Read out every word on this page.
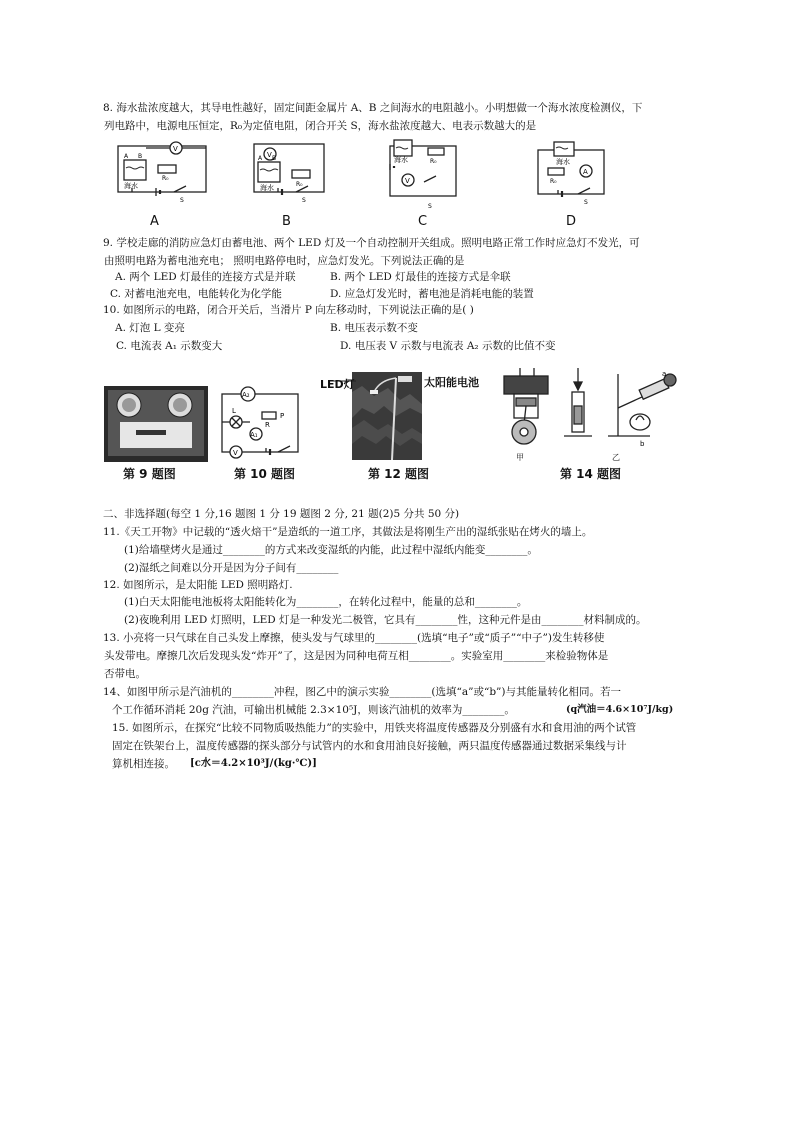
8. 海水盐浓度越大，其导电性越好，固定间距金属片 A、B 之间海水的电阻越小。小明想做一个海水浓度检测仪，下
列电路中，电源电压恒定，R₀为定值电阻，闭合开关 S，海水盐浓度越大、电表示数越大的是
V
A B
海水
R₀
S
A
V
A B
海水	R₀
S
B
V
海水	R₀
S
C
A
海水
R₀
S
D
9. 学校走廊的消防应急灯由蓄电池、两个 LED 灯及一个自动控制开关组成。照明电路正常工作时应急灯不发光，可
由照明电路为蓄电池充电； 照明电路停电时，应急灯发光。下列说法正确的是
A. 两个 LED 灯最佳的连接方式是并联	B. 两个 LED 灯最佳的连接方式是伞联
C. 对蓄电池充电，电能转化为化学能	D. 应急灯发光时，蓄电池是消耗电能的装置
10. 如图所示的电路，闭合开关后，当滑片 P 向左移动时，下列说法正确的是( )
A. 灯泡 L 变亮	B. 电压表示数不变
C. 电流表 A₁ 示数变大	D. 电压表 V 示数与电流表 A₂ 示数的比值不变
第 9 题图
A₂
L
A₁
R
P
V
第 10 题图
LED灯	太阳能电池
第 12 题图
a
b
甲	乙
第 14 题图
二、非选择题(每空 1 分,16 题图 1 分 19 题图 2 分, 21 题(2)5 分共 50 分)
11.《天工开物》中记载的“透火焙干”是造纸的一道工序，其做法是将刚生产出的湿纸张贴在烤火的墙上。
(1)给墙壁烤火是通过________的方式来改变湿纸的内能，此过程中湿纸内能变________。
(2)湿纸之间难以分开是因为分子间有________
12. 如图所示，是太阳能 LED 照明路灯.
(1)白天太阳能电池板将太阳能转化为________，在转化过程中，能量的总和________。
(2)夜晚利用 LED 灯照明，LED 灯是一种发光二极管，它具有________性，这种元件是由________材料制成的。
13. 小亮将一只气球在自己头发上摩擦，使头发与气球里的________(选填“电子”或“质子”“中子”)发生转移使
头发带电。摩擦几次后发现头发“炸开”了，这是因为同种电荷互相________。实验室用________来检验物体是
否带电。
14、如图甲所示是汽油机的________冲程，图乙中的演示实验________(选填“a”或“b”)与其能量转化相同。若一
个工作循环消耗 20g 汽油，可输出机械能 2.3×10⁵J，则该汽油机的效率为________。	(q汽油＝4.6×10⁷J/kg)
15. 如图所示，在探究“比较不同物质吸热能力”的实验中，用铁夹将温度传感器及分别盛有水和食用油的两个试管
固定在铁架台上，温度传感器的探头部分与试管内的水和食用油良好接触，两只温度传感器通过数据采集线与计
算机相连接。 [c水＝4.2×10³J/(kg·℃)]
